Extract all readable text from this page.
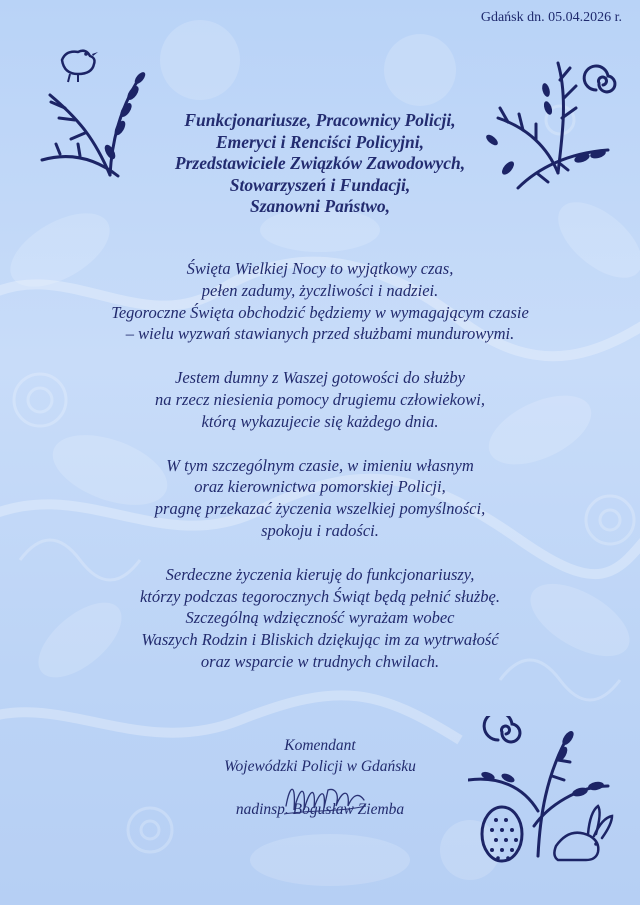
Gdańsk dn. 05.04.2026 r.
Funkcjonariusze, Pracownicy Policji,
Emeryci i Renciści Policyjni,
Przedstawiciele Związków Zawodowych,
Stowarzyszeń i Fundacji,
Szanowni Państwo,
Święta Wielkiej Nocy to wyjątkowy czas,
pełen zadumy, życzliwości i nadziei.
Tegoroczne Święta obchodzić będziemy w wymagającym czasie
– wielu wyzwań stawianych przed służbami mundurowymi.
Jestem dumny z Waszej gotowości do służby
na rzecz niesienia pomocy drugiemu człowiekowi,
którą wykazujecie się każdego dnia.
W tym szczególnym czasie, w imieniu własnym
oraz kierownictwa pomorskiej Policji,
pragnę przekazać życzenia wszelkiej pomyślności,
spokoju i radości.
Serdeczne życzenia kieruję do funkcjonariuszy,
którzy podczas tegorocznych Świąt będą pełnić służbę.
Szczególną wdzięczność wyrażam wobec
Waszych Rodzin i Bliskich dziękując im za wytrwałość
oraz wsparcie w trudnych chwilach.
Komendant
Wojewódzki Policji w Gdańsku
nadinsp. Bogusław Ziemba
